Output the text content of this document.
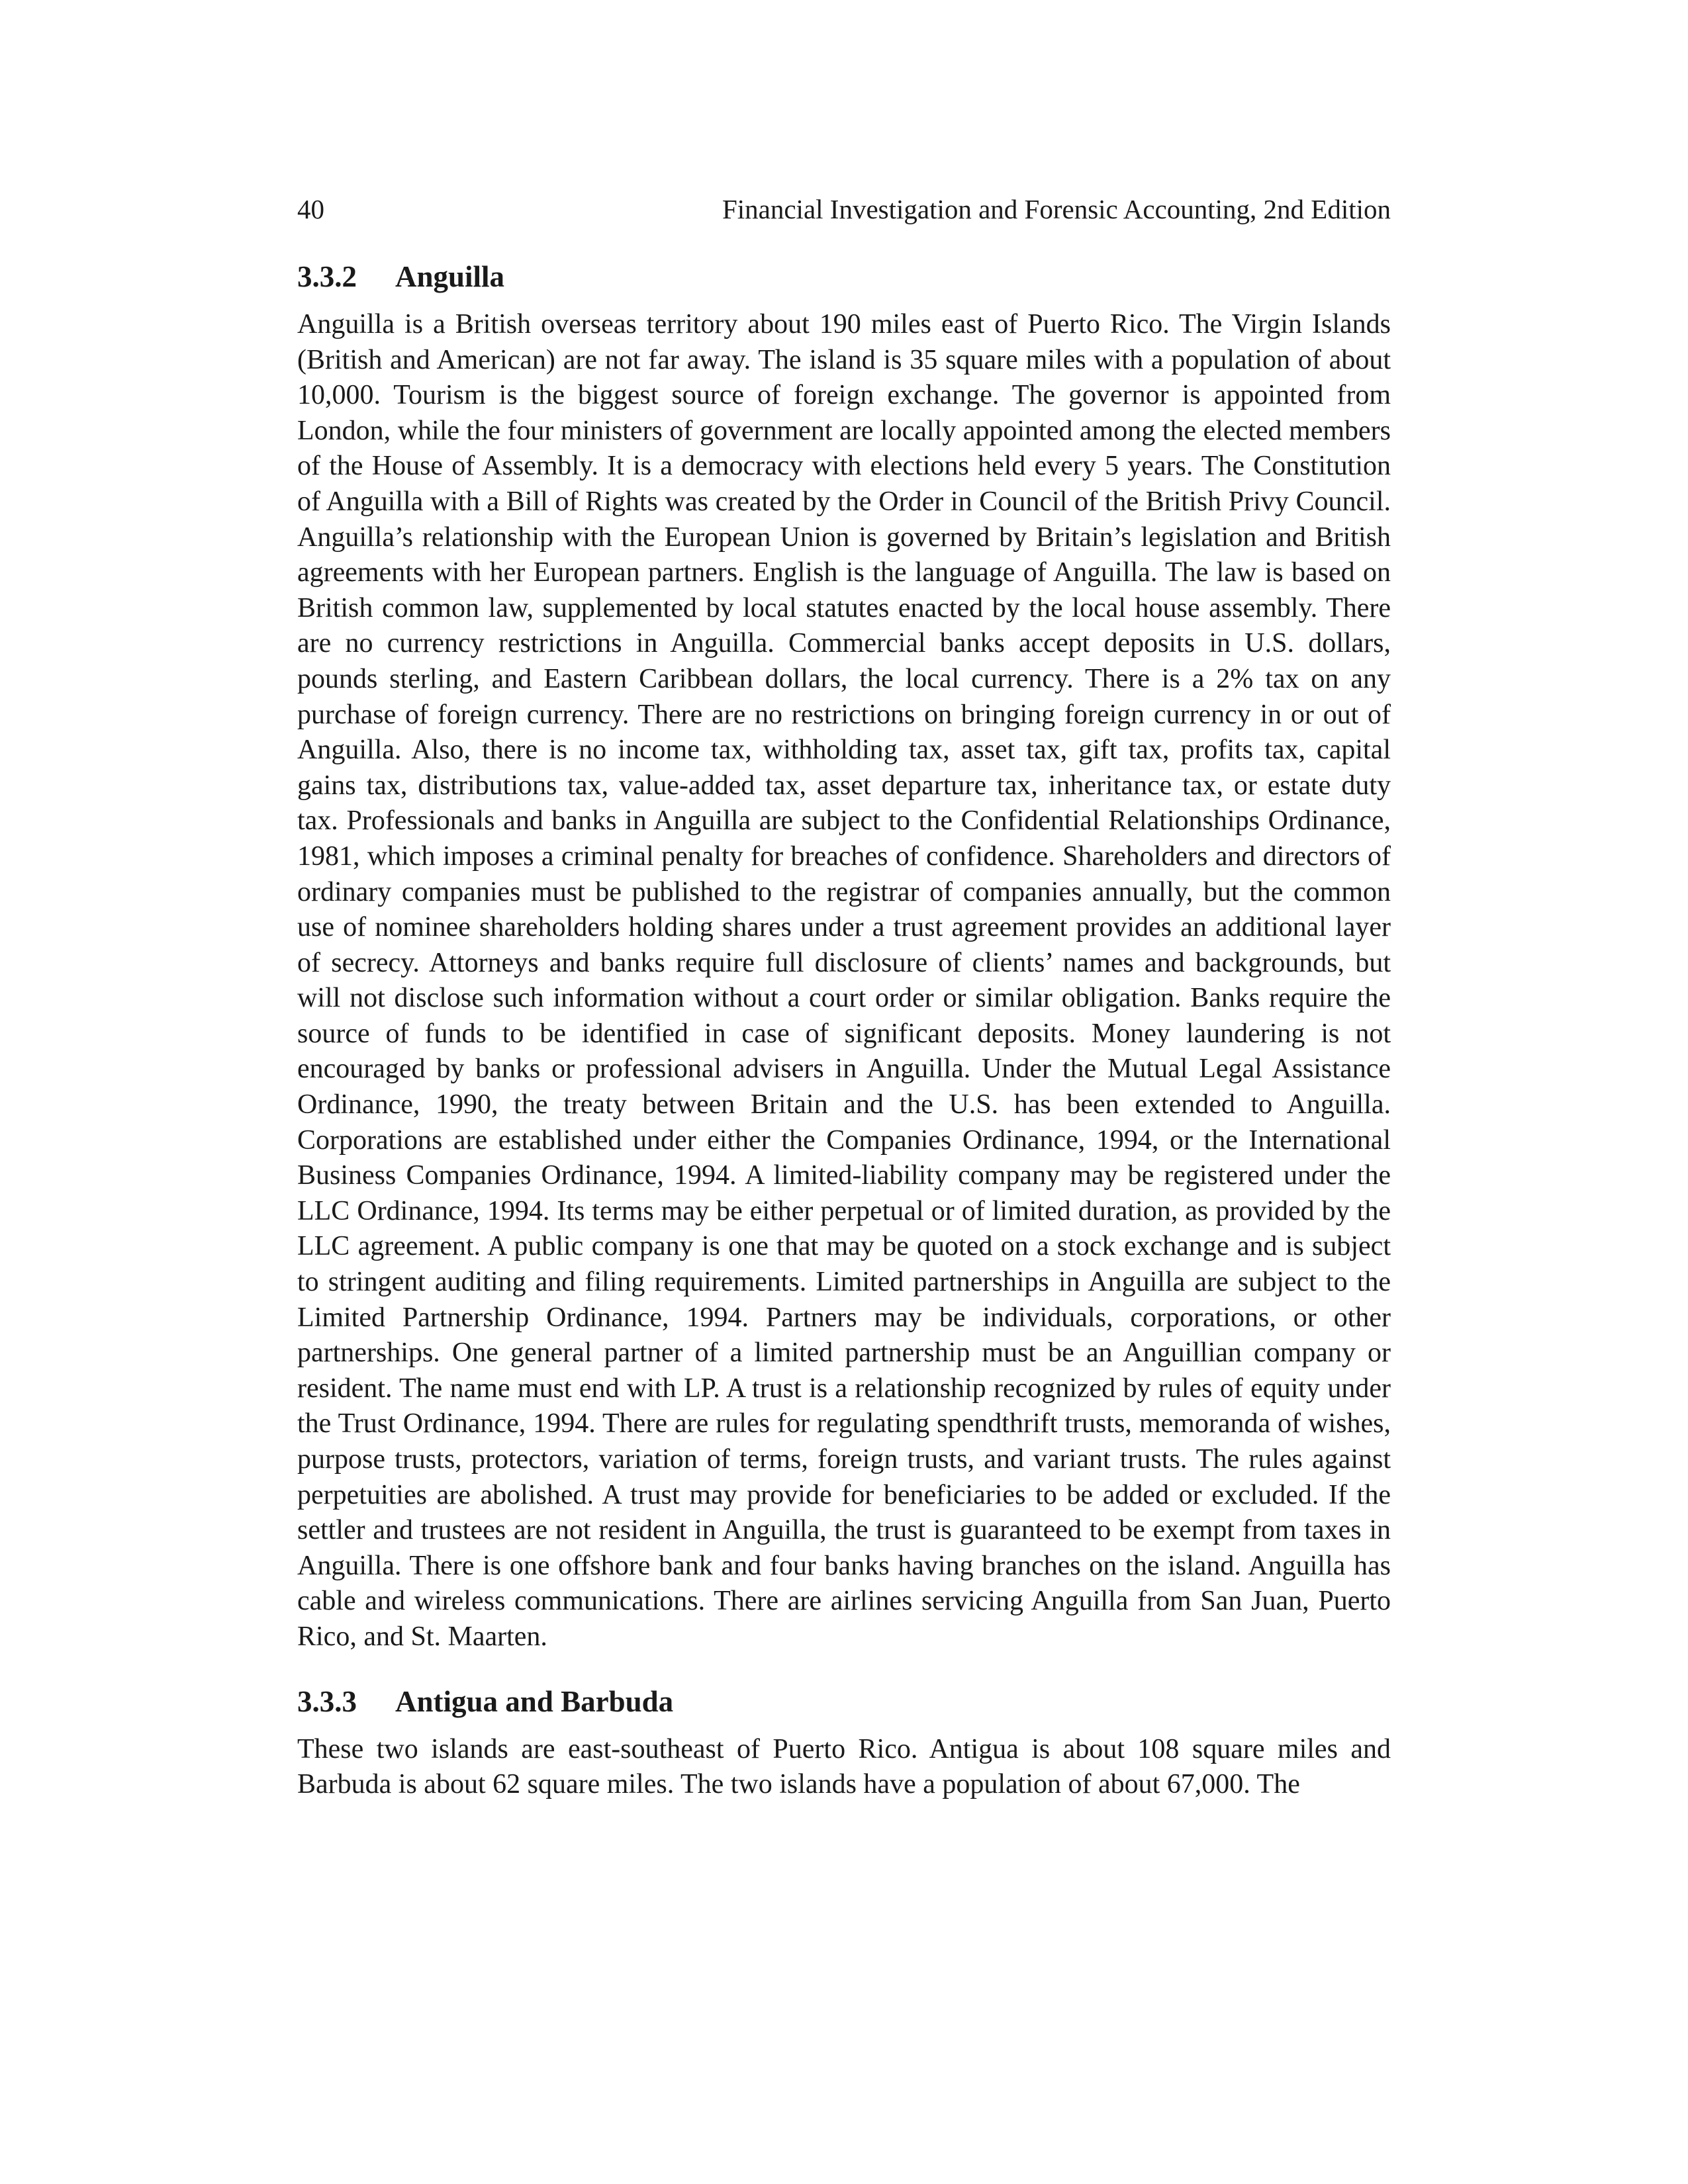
40	Financial Investigation and Forensic Accounting, 2nd Edition
3.3.2 Anguilla

Anguilla is a British overseas territory about 190 miles east of Puerto Rico. The Virgin Islands (British and American) are not far away. The island is 35 square miles with a population of about 10,000. Tourism is the biggest source of foreign exchange. The governor is appointed from London, while the four ministers of government are locally appointed among the elected members of the House of Assembly. It is a democracy with elections held every 5 years. The Constitution of Anguilla with a Bill of Rights was created by the Order in Council of the British Privy Council. Anguilla’s relationship with the European Union is governed by Britain’s legislation and British agreements with her European partners. English is the language of Anguilla. The law is based on British common law, supplemented by local statutes enacted by the local house assembly. There are no currency restrictions in Anguilla. Commercial banks accept deposits in U.S. dollars, pounds sterling, and Eastern Caribbean dollars, the local currency. There is a 2% tax on any purchase of foreign currency. There are no restrictions on bringing foreign currency in or out of Anguilla. Also, there is no income tax, withholding tax, asset tax, gift tax, profits tax, capital gains tax, distributions tax, value-added tax, asset departure tax, inheritance tax, or estate duty tax. Professionals and banks in Anguilla are subject to the Confidential Relationships Ordinance, 1981, which imposes a criminal penalty for breaches of confidence. Shareholders and directors of ordinary companies must be published to the registrar of companies annually, but the common use of nominee shareholders holding shares under a trust agreement provides an additional layer of secrecy. Attorneys and banks require full disclosure of clients’ names and backgrounds, but will not disclose such information without a court order or similar obligation. Banks require the source of funds to be identified in case of significant deposits. Money laundering is not encouraged by banks or professional advisers in Anguilla. Under the Mutual Legal Assistance Ordinance, 1990, the treaty between Britain and the U.S. has been extended to Anguilla. Corporations are established under either the Companies Ordinance, 1994, or the International Business Companies Ordinance, 1994. A limited-liability company may be registered under the LLC Ordinance, 1994. Its terms may be either perpetual or of limited duration, as provided by the LLC agreement. A public company is one that may be quoted on a stock exchange and is subject to stringent auditing and filing requirements. Limited partnerships in Anguilla are subject to the Limited Partnership Ordinance, 1994. Partners may be individuals, corporations, or other partnerships. One general partner of a limited partnership must be an Anguillian company or resident. The name must end with LP. A trust is a relationship recognized by rules of equity under the Trust Ordinance, 1994. There are rules for regulating spendthrift trusts, memoranda of wishes, purpose trusts, protectors, variation of terms, foreign trusts, and variant trusts. The rules against perpetuities are abolished. A trust may provide for beneficiaries to be added or excluded. If the settler and trustees are not resident in Anguilla, the trust is guaranteed to be exempt from taxes in Anguilla. There is one offshore bank and four banks having branches on the island. Anguilla has cable and wireless communications. There are airlines servicing Anguilla from San Juan, Puerto Rico, and St. Maarten.

3.3.3 Antigua and Barbuda

These two islands are east-southeast of Puerto Rico. Antigua is about 108 square miles and Barbuda is about 62 square miles. The two islands have a population of about 67,000. The
